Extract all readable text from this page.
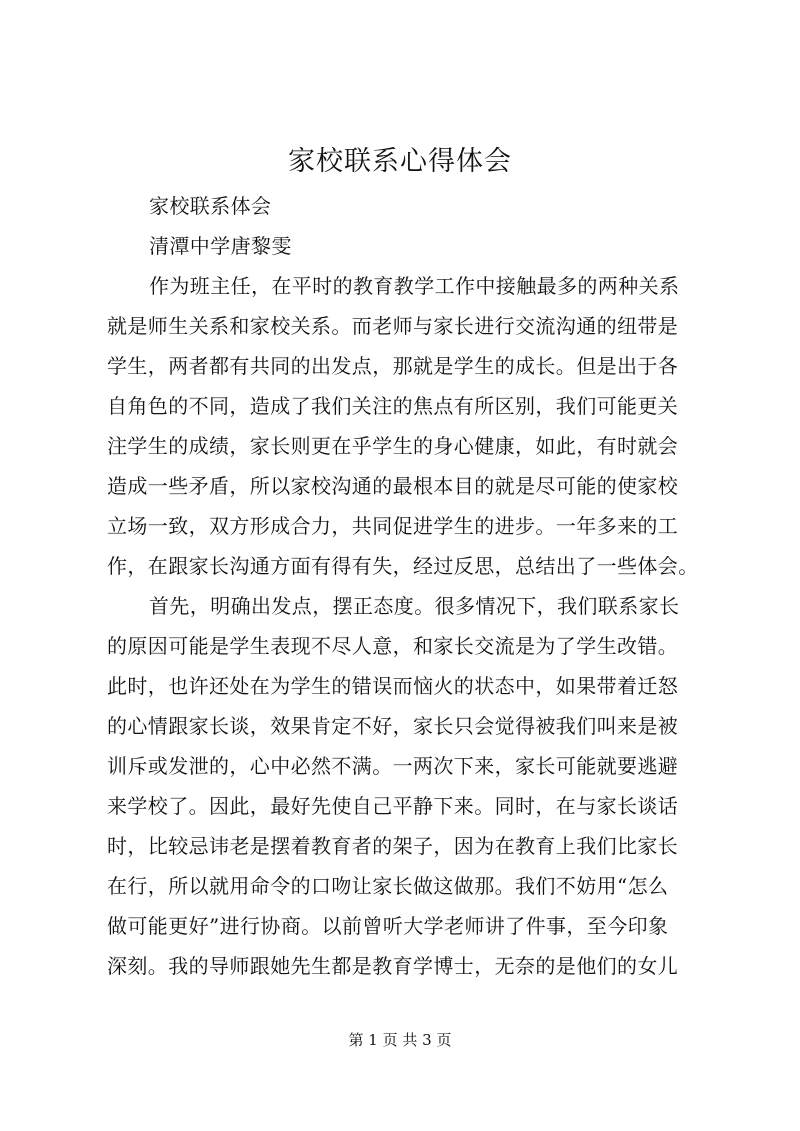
家校联系心得体会
家校联系体会
清潭中学唐黎雯
作为班主任，在平时的教育教学工作中接触最多的两种关系
就是师生关系和家校关系。而老师与家长进行交流沟通的纽带是
学生，两者都有共同的出发点，那就是学生的成长。但是出于各
自角色的不同，造成了我们关注的焦点有所区别，我们可能更关
注学生的成绩，家长则更在乎学生的身心健康，如此，有时就会
造成一些矛盾，所以家校沟通的最根本目的就是尽可能的使家校
立场一致，双方形成合力，共同促进学生的进步。一年多来的工
作，在跟家长沟通方面有得有失，经过反思，总结出了一些体会。
首先，明确出发点，摆正态度。很多情况下，我们联系家长
的原因可能是学生表现不尽人意，和家长交流是为了学生改错。
此时，也许还处在为学生的错误而恼火的状态中，如果带着迁怒
的心情跟家长谈，效果肯定不好，家长只会觉得被我们叫来是被
训斥或发泄的，心中必然不满。一两次下来，家长可能就要逃避
来学校了。因此，最好先使自己平静下来。同时，在与家长谈话
时，比较忌讳老是摆着教育者的架子，因为在教育上我们比家长
在行，所以就用命令的口吻让家长做这做那。我们不妨用“怎么
做可能更好”进行协商。以前曾听大学老师讲了件事，至今印象
深刻。我的导师跟她先生都是教育学博士，无奈的是他们的女儿
第 1 页 共 3 页
